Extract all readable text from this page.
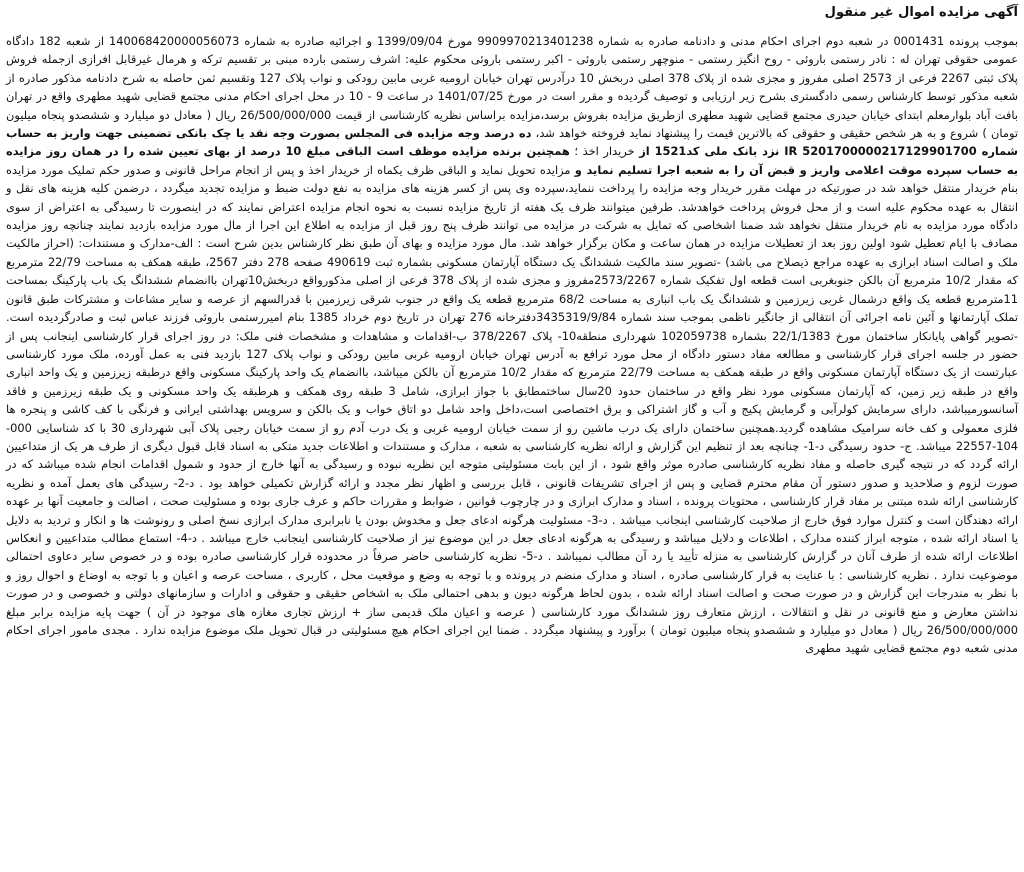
آگهی مزایده اموال غیر منقول

بموجب پرونده 0001431 در شعبه دوم اجرای احکام مدنی و دادنامه صادره به شماره 9909970213401238 مورخ 1399/09/04 و اجرائیه صادره به شماره 140068420000056073 از شعبه 182 دادگاه عمومی حقوقی تهران له : نادر رستمی باروئی - روح انگیز رستمی - منوچهر رستمی باروئی - اکبر رستمی باروئی محکوم علیه: اشرف رستمی بارده مبنی بر تقسیم ترکه و هرمال غیرقابل افرازی ازجمله فروش پلاک ثبتی 2267 فرعی از 2573 اصلی مفروز و مجزی شده از پلاک 378 اصلی دربخش 10 درآدرس تهران خیابان ارومیه غربی مابین رودکی و نواب پلاک 127 وتقسیم ثمن حاصله به شرح دادنامه مذکور صادره از شعبه مذکور توسط کارشناس رسمی دادگستری بشرح زیر ارزیابی و توصیف گردیده و مقرر است در مورخ 1401/07/25 در ساعت 9 - 10 در محل اجرای احکام مدنی مجتمع قضایی شهید مطهری واقع در تهران بافت آباد بلوارمعلم ابتدای خیابان حیدری مجتمع قضایی شهید مطهری ازطریق مزایده بفروش برسد،مزایده براساس نظریه کارشناسی از قیمت 26/500/000/000 ریال ( معادل دو میلیارد و ششصدو پنجاه میلیون تومان ) شروع و به هر شخص حقیقی و حقوقی که بالاترین قیمت را پیشنهاد نماید فروخته خواهد شد، ده درصد وجه مزایده فی المجلس بصورت وجه نقد یا چک بانکی تضمینی جهت واریز به حساب شماره 5201700000217129901700 IR نزد بانک ملی کد1521 از خریدار اخذ ؛ همچنین برنده مزایده موظف است الباقی مبلغ 10 درصد از بهای تعیین شده را در همان روز مزایده به حساب سپرده موقت اعلامی واریز و قبض آن را به شعبه اجرا تسلیم نماید و مزایده تحویل نماید و الباقی ظرف یکماه از خریدار اخذ و پس از انجام مراحل قانونی و صدور حکم تملیک مورد مزایده بنام خریدار منتقل خواهد شد در صورتیکه در مهلت مقرر خریدار وجه مزایده را پرداخت ننماید،سپرده وی پس از کسر هزینه های مزایده به نفع دولت ضبط و مزایده تجدید میگردد ، درضمن کلیه هزینه های نقل و انتقال به عهده محکوم علیه است و از محل فروش پرداخت خواهدشد. طرفین میتوانند ظرف یک هفته از تاریخ مزایده نسبت به نحوه انجام مزایده اعتراض نمایند که در اینصورت تا رسیدگی به اعتراض از سوی دادگاه مورد مزایده به نام خریدار منتقل نخواهد شد ضمنا اشخاصی که تمایل به شرکت در مزایده می توانند ظرف پنج روز قبل از مزایده به اطلاع این اجرا از مال مورد مزایده بازدید نمایند چنانچه روز مزایده مصادف با ایام تعطیل شود اولین روز بعد از تعطیلات مزایده در همان ساعت و مکان برگزار خواهد شد. مال مورد مزایده و بهای آن طبق نظر کارشناس بدین شرح است : الف-مدارک و مستندات: (احراز مالکیت ملک و اصالت اسناد ابرازی به عهده مراجع ذیصلاح می باشد) -تصویر سند مالکیت ششدانگ یک دستگاه آپارتمان مسکونی بشماره ثبت 490619 صفحه 278 دفتر 2567، طبقه همکف به مساحت 22/79 مترمربع که مقدار 10/2 مترمربع آن بالکن جنوبغربی است قطعه اول تفکیک شماره 2573/2267مفروز و مجزی شده از پلاک 378 فرعی از اصلی مذکورواقع دربخش10تهران باانضمام ششدانگ یک باب پارکینگ بمساحت 11مترمربع قطعه یک واقع درشمال غربی زیرزمین و ششدانگ یک باب انباری به مساحت 68/2 مترمربع قطعه یک واقع در جنوب شرقی زیرزمین با قدرالسهم از عرصه و سایر مشاعات و مشترکات طبق قانون تملک آپارتمانها و آئین نامه اجرائی آن انتقالی از جانگیر ناظمی بموجب سند شماره 3435319/9/84دفترخانه 276 تهران در تاریخ دوم خرداد 1385 بنام امیررستمی باروئی فرزند عباس ثبت و صادرگردیده است. -تصویر گواهی پایانکار ساختمان مورخ 22/1/1383 بشماره 102059738 شهرداری منطقه10- پلاک 378/2267 ب-اقدامات و مشاهدات و مشخصات فنی ملک: در روز اجرای قرار کارشناسی اینجانب پس از حضور در جلسه اجرای قرار کارشناسی و مطالعه مفاد دستور دادگاه از محل مورد ترافع به آدرس تهران خیابان ارومیه غربی مابین رودکی و نواب پلاک 127 بازدید فنی به عمل آورده، ملک مورد کارشناسی عبارتست از یک دستگاه آپارتمان مسکونی واقع در طبقه همکف به مساحت 22/79 مترمربع که مقدار 10/2 مترمربع آن بالکن میباشد، باانضمام یک واحد پارکینگ مسکونی واقع درطبقه زیرزمین و یک واحد انباری واقع در طبقه زیر زمین، که آپارتمان مسکونی مورد نظر واقع در ساختمان حدود 20سال ساختمطابق با جواز ابرازی، شامل 3 طبقه روی همکف و هرطبقه یک واحد مسکونی و یک طبقه زیرزمین و فاقد آسانسورمیباشد، دارای سرمایش کولرآبی و گرمایش پکیج و آب و گاز اشتراکی و برق اختصاصی است،داخل واحد شامل دو اتاق خواب و یک بالکن و سرویس بهداشتی ایرانی و فرنگی با کف کاشی و پنجره ها فلزی معمولی و کف خانه سرامیک مشاهده گردید.همچنین ساختمان دارای یک درب ماشین رو از سمت خیابان ارومیه غربی و یک درب آدم رو از سمت خیابان رجبی پلاک آبی شهرداری 30 با کد شناسایی 000-104-22557 میباشد. ج- حدود رسیدگی د-1- چنانچه بعد از تنظیم این گزارش و ارائه نظریه کارشناسی به شعبه ، مدارک و مستندات و اطلاعات جدید متکی به اسناد قابل قبول دیگری از طرف هر یک از متداعیین ارائه گردد که در نتیجه گیری حاصله و مفاد نظریه کارشناسی صادره موثر واقع شود ، از این بابت مسئولیتی متوجه این نظریه نبوده و رسیدگی به آنها خارج از حدود و شمول اقدامات انجام شده میباشد که در صورت لزوم و صلاحدید و صدور دستور آن مقام محترم قضایی و پس از اجرای تشریفات قانونی ، قابل بررسی و اظهار نظر مجدد و ارائه گزارش تکمیلی خواهد بود . د-2- رسیدگی های بعمل آمده و نظریه کارشناسی ارائه شده مبتنی بر مفاد قرار کارشناسی ، محتویات پرونده ، اسناد و مدارک ابرازی و در چارچوب قوانین ، ضوابط و مقررات حاکم و عرف جاری بوده و مسئولیت صحت ، اصالت و جامعیت آنها بر عهده ارائه دهندگان است و کنترل موارد فوق خارج از صلاحیت کارشناسی اینجانب میباشد . د-3- مسئولیت هرگونه ادعای جعل و مخدوش بودن یا نابرابری مدارک ابرازی نسخ اصلی و رونوشت ها و انکار و تردید به دلایل یا اسناد ارائه شده ، متوجه ابراز کننده مدارک ، اطلاعات و دلایل میباشد و رسیدگی به هرگونه ادعای جعل در این موضوع نیز از صلاحیت کارشناسی اینجانب خارج میباشد . د-4- استماع مطالب متداعیین و انعکاس اطلاعات ارائه شده از طرف آنان در گزارش کارشناسی به منزله تأیید یا رد آن مطالب نمیباشد . د-5- نظریه کارشناسی حاضر صرفاً در محدوده قرار کارشناسی صادره بوده و در خصوص سایر دعاوی احتمالی موضوعیت ندارد . نظریه کارشناسی : با عنایت به قرار کارشناسی صادره ، اسناد و مدارک منضم در پرونده و با توجه به وضع و موقعیت محل ، کاربری ، مساحت عرصه و اعیان و با توجه به اوضاع و احوال روز و با نظر به مندرجات این گزارش و در صورت صحت و اصالت اسناد ارائه شده ، بدون لحاظ هرگونه دیون و بدهی احتمالی ملک به اشخاص حقیقی و حقوقی و ادارات و سازمانهای دولتی و خصوصی و در صورت نداشتن معارض و منع قانونی در نقل و انتقالات ، ارزش متعارف روز ششدانگ مورد کارشناسی ( عرصه و اعیان ملک قدیمی ساز + ارزش تجاری مغازه های موجود در آن ) جهت پایه مزایده برابر مبلغ 26/500/000/000 ریال ( معادل دو میلیارد و ششصدو پنجاه میلیون تومان ) برآورد و پیشنهاد میگردد . ضمنا این اجرای احکام هیچ مسئولیتی در قبال تحویل ملک موضوع مزایده ندارد . مجدی مامور اجرای احکام مدنی شعبه دوم مجتمع قضایی شهید مطهری
